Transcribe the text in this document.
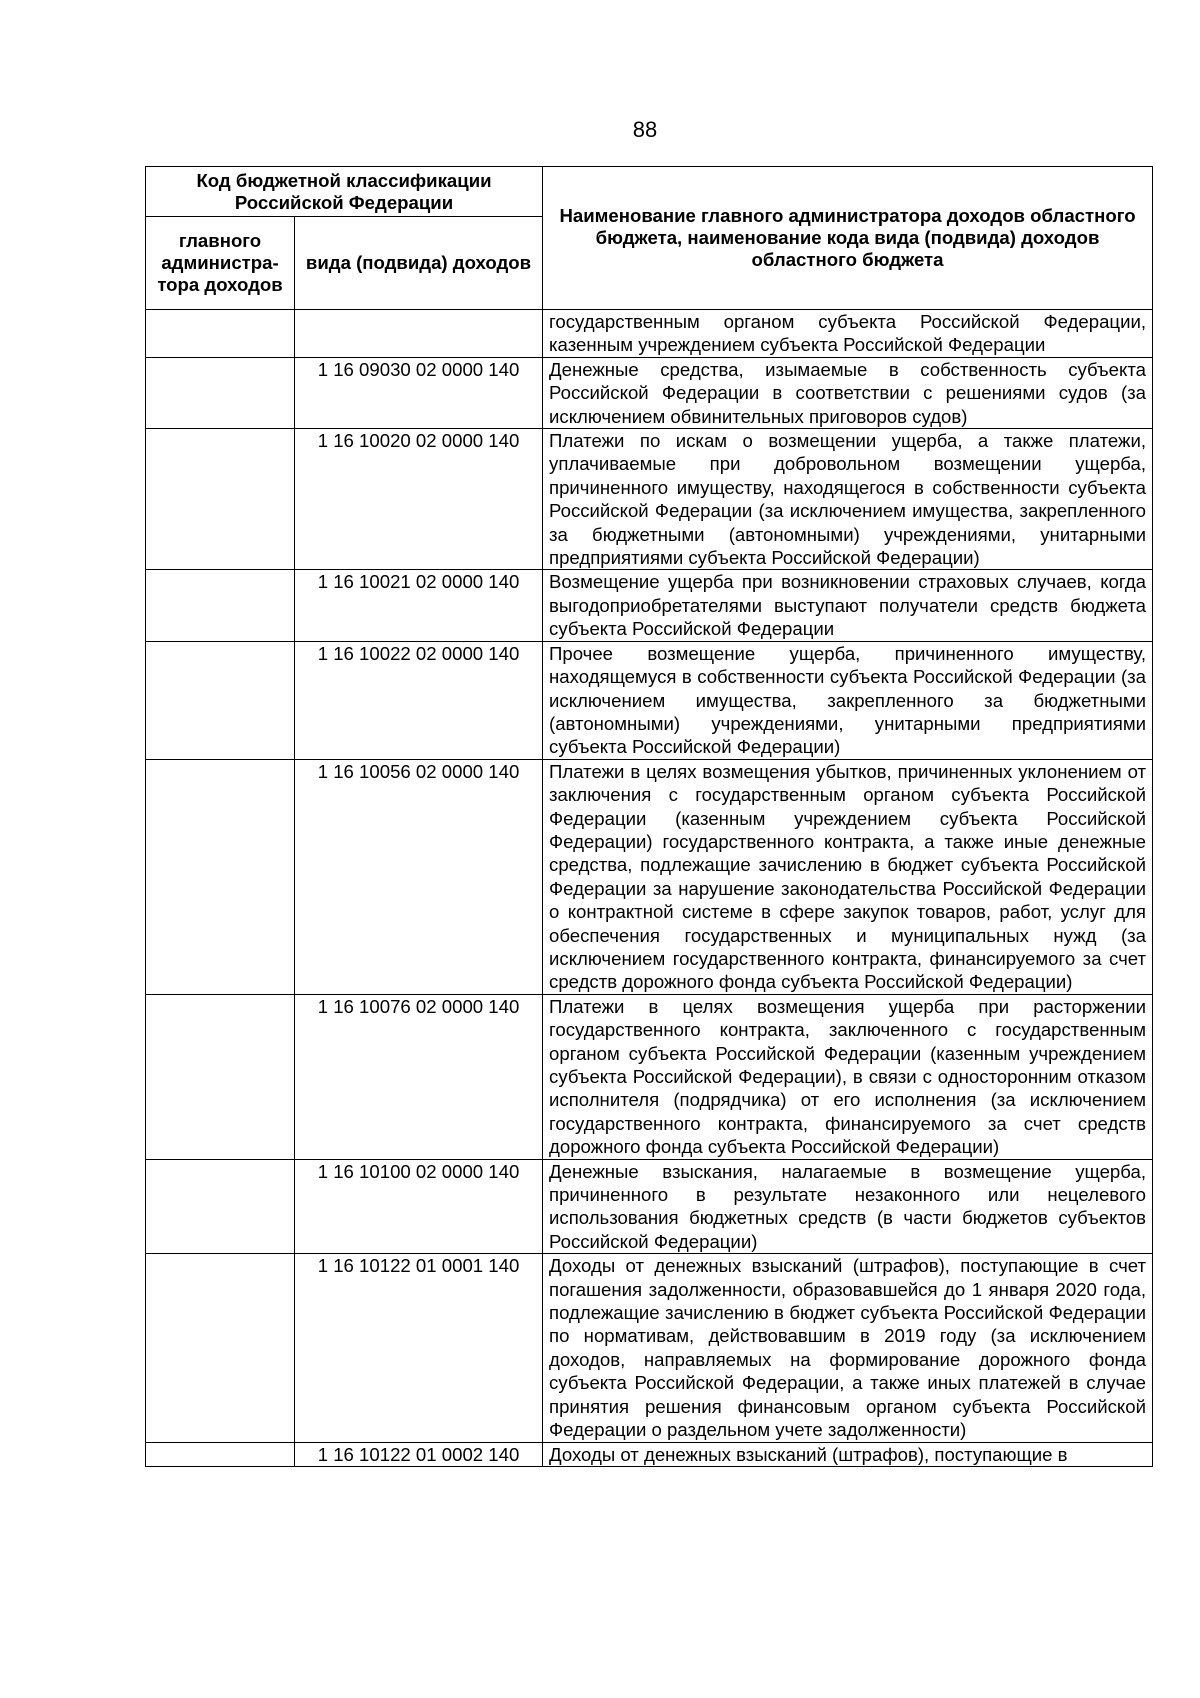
88
Код бюджетной классификации Российской Федерации		Наименование главного администратора доходов областного бюджета, наименование кода вида (подвида) доходов областного бюджета
главного администра-тора доходов	вида (подвида) доходов	
		государственным органом субъекта Российской Федерации, казенным учреждением субъекта Российской Федерации
	1 16 09030 02 0000 140	Денежные средства, изымаемые в собственность субъекта Российской Федерации в соответствии с решениями судов (за исключением обвинительных приговоров судов)
	1 16 10020 02 0000 140	Платежи по искам о возмещении ущерба, а также платежи, уплачиваемые при добровольном возмещении ущерба, причиненного имуществу, находящегося в собственности субъекта Российской Федерации (за исключением имущества, закрепленного за бюджетными (автономными) учреждениями, унитарными предприятиями субъекта Российской Федерации)
	1 16 10021 02 0000 140	Возмещение ущерба при возникновении страховых случаев, когда выгодоприобретателями выступают получатели средств бюджета субъекта Российской Федерации
	1 16 10022 02 0000 140	Прочее возмещение ущерба, причиненного имуществу, находящемуся в собственности субъекта Российской Федерации (за исключением имущества, закрепленного за бюджетными (автономными) учреждениями, унитарными предприятиями субъекта Российской Федерации)
	1 16 10056 02 0000 140	Платежи в целях возмещения убытков, причиненных уклонением от заключения с государственным органом субъекта Российской Федерации (казенным учреждением субъекта Российской Федерации) государственного контракта, а также иные денежные средства, подлежащие зачислению в бюджет субъекта Российской Федерации за нарушение законодательства Российской Федерации о контрактной системе в сфере закупок товаров, работ, услуг для обеспечения государственных и муниципальных нужд (за исключением государственного контракта, финансируемого за счет средств дорожного фонда субъекта Российской Федерации)
	1 16 10076 02 0000 140	Платежи в целях возмещения ущерба при расторжении государственного контракта, заключенного с государственным органом субъекта Российской Федерации (казенным учреждением субъекта Российской Федерации), в связи с односторонним отказом исполнителя (подрядчика) от его исполнения (за исключением государственного контракта, финансируемого за счет средств дорожного фонда субъекта Российской Федерации)
	1 16 10100 02 0000 140	Денежные взыскания, налагаемые в возмещение ущерба, причиненного в результате незаконного или нецелевого использования бюджетных средств (в части бюджетов субъектов Российской Федерации)
	1 16 10122 01 0001 140	Доходы от денежных взысканий (штрафов), поступающие в счет погашения задолженности, образовавшейся до 1 января 2020 года, подлежащие зачислению в бюджет субъекта Российской Федерации по нормативам, действовавшим в 2019 году (за исключением доходов, направляемых на формирование дорожного фонда субъекта Российской Федерации, а также иных платежей в случае принятия решения финансовым органом субъекта Российской Федерации о раздельном учете задолженности)
	1 16 10122 01 0002 140	Доходы от денежных взысканий (штрафов), поступающие в
